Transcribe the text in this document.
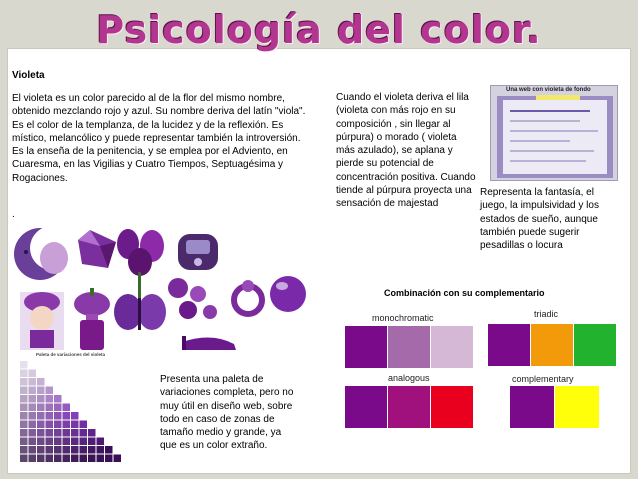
Psicología del color.
Violeta
El violeta es un color parecido al de la flor del mismo nombre, obtenido mezclando rojo y azul. Su nombre deriva del latín "viola".
Es el color de la templanza, de la lucidez y de la reflexión. Es místico, melancólico y puede representar también la introversión. Es la enseña de la penitencia, y se emplea por el Adviento, en Cuaresma, en las Vigilias y Cuatro Tiempos, Septuagésima y Rogaciones.
.
Cuando el violeta deriva el lila (violeta con más rojo en su composición , sin llegar al púrpura) o morado ( violeta más azulado), se aplana y pierde su potencial de concentración positiva. Cuando tiende al púrpura proyecta una sensación de majestad
Una web con violeta de fondo
Representa la fantasía, el juego, la impulsividad y los estados de sueño, aunque también puede sugerir pesadillas o locura
Paleta de variaciones del violeta
Presenta una paleta de variaciones completa, pero no muy útil en diseño web, sobre todo en caso de zonas de tamaño medio y grande, ya que es un color extraño.
Combinación con su complementario
monochromatic	triadic
analogous	complementary
